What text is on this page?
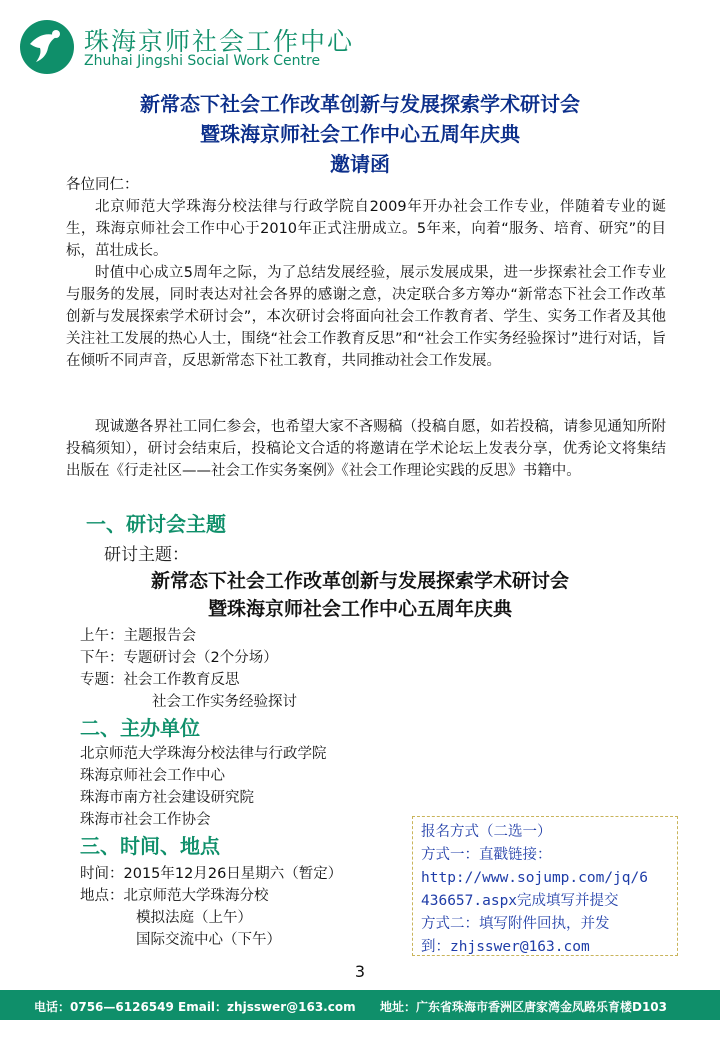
珠海京师社会工作中心
Zhuhai Jingshi Social Work Centre
新常态下社会工作改革创新与发展探索学术研讨会
暨珠海京师社会工作中心五周年庆典
邀请函
各位同仁：
北京师范大学珠海分校法律与行政学院自2009年开办社会工作专业，伴随着专业的诞生，珠海京师社会工作中心于2010年正式注册成立。5年来，向着“服务、培育、研究”的目标，茁壮成长。
时值中心成立5周年之际，为了总结发展经验，展示发展成果，进一步探索社会工作专业与服务的发展，同时表达对社会各界的感谢之意，决定联合多方筹办“新常态下社会工作改革创新与发展探索学术研讨会”，本次研讨会将面向社会工作教育者、学生、实务工作者及其他关注社工发展的热心人士，围绕“社会工作教育反思”和“社会工作实务经验探讨”进行对话，旨在倾听不同声音，反思新常态下社工教育，共同推动社会工作发展。
现诚邀各界社工同仁参会，也希望大家不吝赐稿（投稿自愿，如若投稿，请参见通知所附投稿须知），研讨会结束后，投稿论文合适的将邀请在学术论坛上发表分享，优秀论文将集结出版在《行走社区——社会工作实务案例》《社会工作理论实践的反思》书籍中。
一、研讨会主题
研讨主题：
新常态下社会工作改革创新与发展探索学术研讨会
暨珠海京师社会工作中心五周年庆典
上午：主题报告会
下午：专题研讨会（2个分场）
专题：社会工作教育反思
社会工作实务经验探讨
二、主办单位
北京师范大学珠海分校法律与行政学院
珠海京师社会工作中心
珠海市南方社会建设研究院
珠海市社会工作协会
三、时间、地点
时间：2015年12月26日星期六（暂定）
地点：北京师范大学珠海分校
模拟法庭（上午）
国际交流中心（下午）
报名方式（二选一）
方式一：直戳链接：
http://www.sojump.com/jq/6
436657.aspx完成填写并提交
方式二：填写附件回执，并发
到：zhjsswer@163.com
3
电话：0756—6126549 Email：zhjsswer@163.com 地址：广东省珠海市香洲区唐家湾金凤路乐育楼D103
